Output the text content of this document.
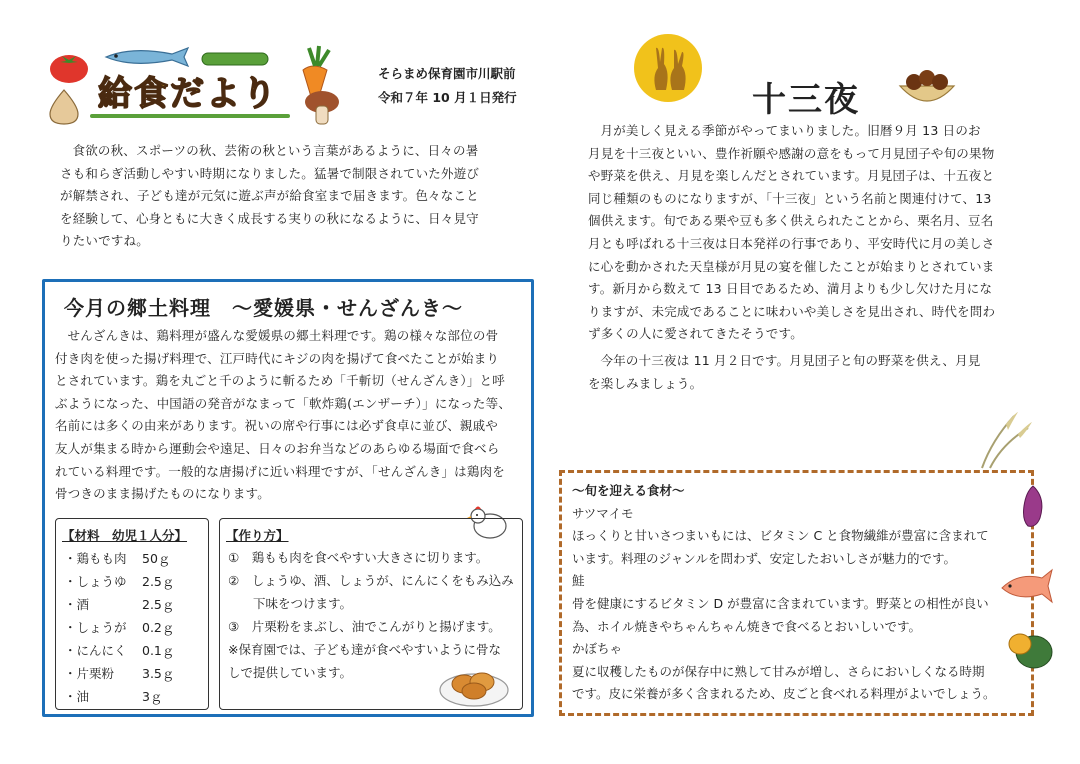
給食だより
そらまめ保育園市川駅前
令和７年 10 月１日発行
食欲の秋、スポーツの秋、芸術の秋という言葉があるように、日々の暑
さも和らぎ活動しやすい時期になりました。猛暑で制限されていた外遊び
が解禁され、子ども達が元気に遊ぶ声が給食室まで届きます。色々なこと
を経験して、心身ともに大きく成長する実りの秋になるように、日々見守
りたいですね。
今月の郷土料理　～愛媛県・せんざんき～
せんざんきは、鶏料理が盛んな愛媛県の郷土料理です。鶏の様々な部位の骨
付き肉を使った揚げ料理で、江戸時代にキジの肉を揚げて食べたことが始まり
とされています。鶏を丸ごと千のように斬るため「千斬切（せんざんき）」と呼
ぶようになった、中国語の発音がなまって「軟炸鶏(エンザーチ）」になった等、
名前には多くの由来があります。祝いの席や行事には必ず食卓に並び、親戚や
友人が集まる時から運動会や遠足、日々のお弁当などのあらゆる場面で食べら
れている料理です。一般的な唐揚げに近い料理ですが、「せんざんき」は鶏肉を
骨つきのまま揚げたものになります。
【材料　幼児１人分】
・鶏もも肉 50ｇ
・しょうゆ 2.5ｇ
・酒	2.5ｇ
・しょうが 0.2ｇ
・にんにく 0.1ｇ
・片栗粉 3.5ｇ
・油	3ｇ
【作り方】
①　鶏もも肉を食べやすい大きさに切ります。
②　しょうゆ、酒、しょうが、にんにくをもみ込み
　　下味をつけます。
③　片栗粉をまぶし、油でこんがりと揚げます。
※保育園では、子ども達が食べやすいように骨な
しで提供しています。
十三夜
月が美しく見える季節がやってまいりました。旧暦９月 13 日のお
月見を十三夜といい、豊作祈願や感謝の意をもって月見団子や旬の果物
や野菜を供え、月見を楽しんだとされています。月見団子は、十五夜と
同じ種類のものになりますが、「十三夜」という名前と関連付けて、13
個供えます。旬である栗や豆も多く供えられたことから、栗名月、豆名
月とも呼ばれる十三夜は日本発祥の行事であり、平安時代に月の美しさ
に心を動かされた天皇様が月見の宴を催したことが始まりとされていま
す。新月から数えて 13 日目であるため、満月よりも少し欠けた月にな
りますが、未完成であることに味わいや美しさを見出され、時代を問わ
ず多くの人に愛されてきたそうです。
今年の十三夜は 11 月２日です。月見団子と旬の野菜を供え、月見
を楽しみましょう。
～旬を迎える食材～
サツマイモ
ほっくりと甘いさつまいもには、ビタミン C と食物繊維が豊富に含まれて
います。料理のジャンルを問わず、安定したおいしさが魅力的です。
鮭
骨を健康にするビタミン D が豊富に含まれています。野菜との相性が良い
為、ホイル焼きやちゃんちゃん焼きで食べるとおいしいです。
かぼちゃ
夏に収穫したものが保存中に熟して甘みが増し、さらにおいしくなる時期
です。皮に栄養が多く含まれるため、皮ごと食べれる料理がよいでしょう。
